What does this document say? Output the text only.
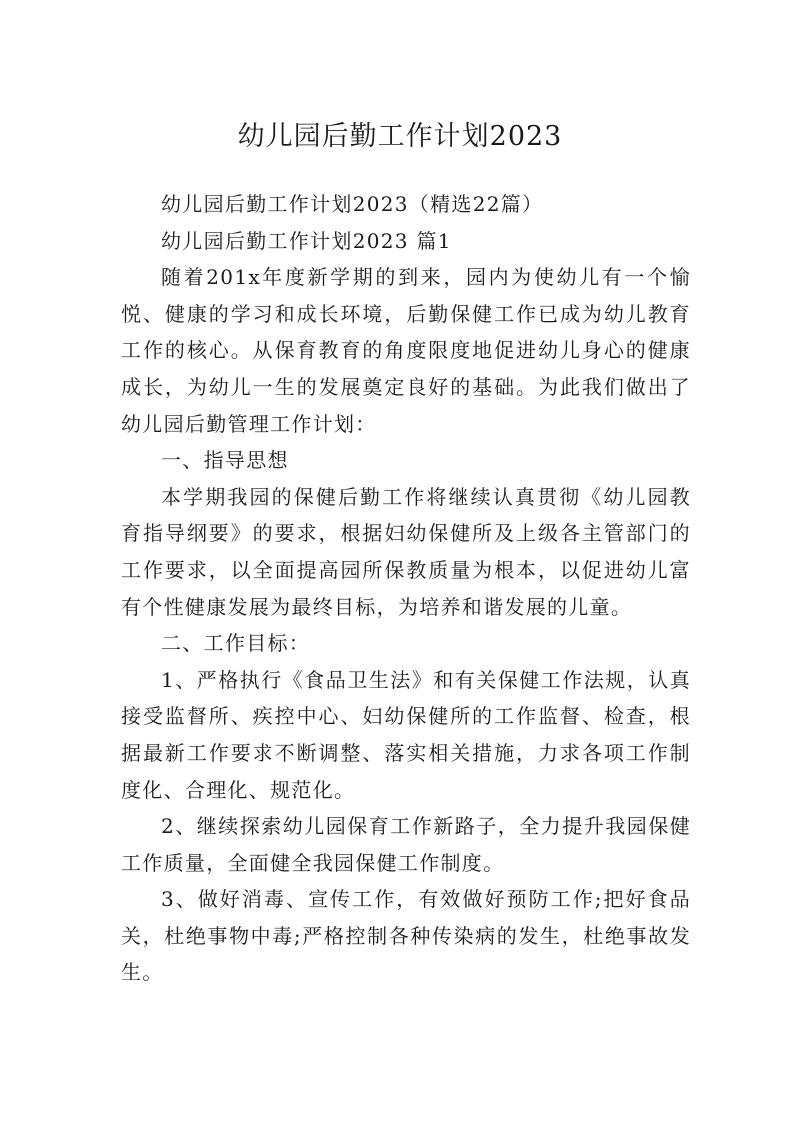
幼儿园后勤工作计划2023

幼儿园后勤工作计划2023（精选22篇）

幼儿园后勤工作计划2023 篇1

随着201x年度新学期的到来，园内为使幼儿有一个愉悦、健康的学习和成长环境，后勤保健工作已成为幼儿教育工作的核心。从保育教育的角度限度地促进幼儿身心的健康成长，为幼儿一生的发展奠定良好的基础。为此我们做出了幼儿园后勤管理工作计划：

一、指导思想

本学期我园的保健后勤工作将继续认真贯彻《幼儿园教育指导纲要》的要求，根据妇幼保健所及上级各主管部门的工作要求，以全面提高园所保教质量为根本，以促进幼儿富有个性健康发展为最终目标，为培养和谐发展的儿童。

二、工作目标：

1、严格执行《食品卫生法》和有关保健工作法规，认真接受监督所、疾控中心、妇幼保健所的工作监督、检查，根据最新工作要求不断调整、落实相关措施，力求各项工作制度化、合理化、规范化。

2、继续探索幼儿园保育工作新路子，全力提升我园保健工作质量，全面健全我园保健工作制度。

3、做好消毒、宣传工作，有效做好预防工作;把好食品关，杜绝事物中毒;严格控制各种传染病的发生，杜绝事故发生。
